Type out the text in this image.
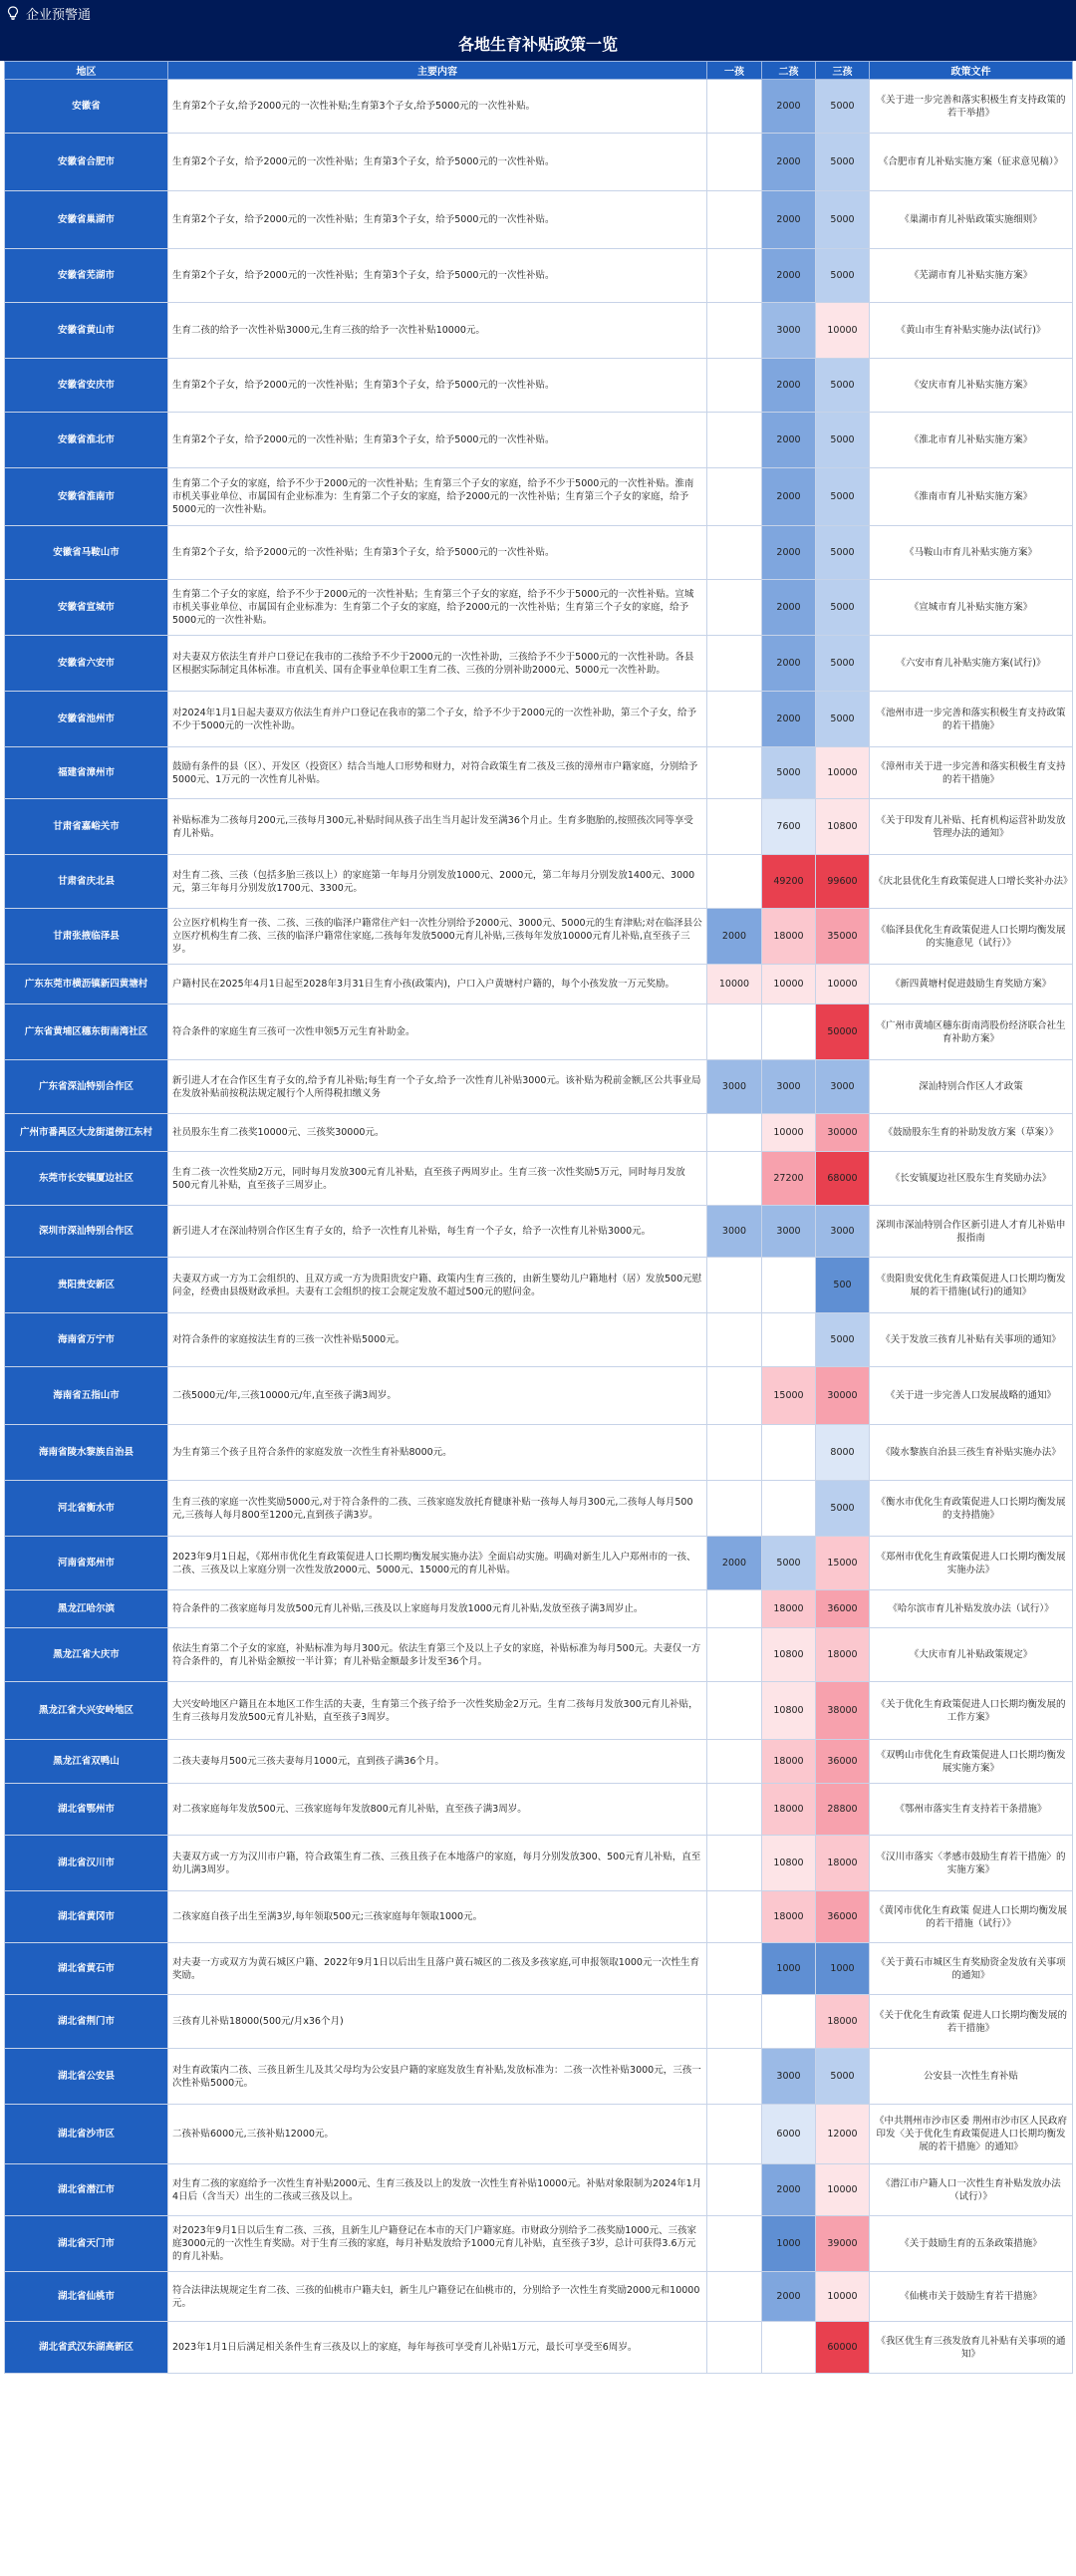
企业预警通
各地生育补贴政策一览
地区	主要内容	一孩	二孩	三孩	政策文件
安徽省	生育第2个子女,给予2000元的一次性补贴;生育第3个子女,给予5000元的一次性补贴。		2000	5000	《关于进一步完善和落实积极生育支持政策的若干举措》
安徽省合肥市	生育第2个子女，给予2000元的一次性补贴；生育第3个子女，给予5000元的一次性补贴。		2000	5000	《合肥市育儿补贴实施方案（征求意见稿）》
安徽省巢湖市	生育第2个子女，给予2000元的一次性补贴；生育第3个子女，给予5000元的一次性补贴。		2000	5000	《巢湖市育儿补贴政策实施细则》
安徽省芜湖市	生育第2个子女，给予2000元的一次性补贴；生育第3个子女，给予5000元的一次性补贴。		2000	5000	《芜湖市育儿补贴实施方案》
安徽省黄山市	生育二孩的给予一次性补贴3000元,生育三孩的给予一次性补贴10000元。		3000	10000	《黄山市生育补贴实施办法(试行)》
安徽省安庆市	生育第2个子女，给予2000元的一次性补贴；生育第3个子女，给予5000元的一次性补贴。		2000	5000	《安庆市育儿补贴实施方案》
安徽省淮北市	生育第2个子女，给予2000元的一次性补贴；生育第3个子女，给予5000元的一次性补贴。		2000	5000	《淮北市育儿补贴实施方案》
安徽省淮南市	生育第二个子女的家庭，给予不少于2000元的一次性补贴；生育第三个子女的家庭，给予不少于5000元的一次性补贴。淮南市机关事业单位、市属国有企业标准为：生育第二个子女的家庭，给予2000元的一次性补贴；生育第三个子女的家庭，给予5000元的一次性补贴。		2000	5000	《淮南市育儿补贴实施方案》
安徽省马鞍山市	生育第2个子女，给予2000元的一次性补贴；生育第3个子女，给予5000元的一次性补贴。		2000	5000	《马鞍山市育儿补贴实施方案》
安徽省宣城市	生育第二个子女的家庭，给予不少于2000元的一次性补贴；生育第三个子女的家庭，给予不少于5000元的一次性补贴。宣城市机关事业单位、市属国有企业标准为：生育第二个子女的家庭，给予2000元的一次性补贴；生育第三个子女的家庭，给予5000元的一次性补贴。		2000	5000	《宣城市育儿补贴实施方案》
安徽省六安市	对夫妻双方依法生育并户口登记在我市的二孩给予不少于2000元的一次性补助，三孩给予不少于5000元的一次性补助。各县区根据实际制定具体标准。市直机关、国有企事业单位职工生育二孩、三孩的分别补助2000元、5000元一次性补助。		2000	5000	《六安市育儿补贴实施方案(试行)》
安徽省池州市	对2024年1月1日起夫妻双方依法生育并户口登记在我市的第二个子女，给予不少于2000元的一次性补助，第三个子女，给予不少于5000元的一次性补助。		2000	5000	《池州市进一步完善和落实积极生育支持政策的若干措施》
福建省漳州市	鼓励有条件的县（区）、开发区（投资区）结合当地人口形势和财力，对符合政策生育二孩及三孩的漳州市户籍家庭，分别给予5000元、1万元的一次性育儿补贴。		5000	10000	《漳州市关于进一步完善和落实积极生育支持的若干措施》
甘肃省嘉峪关市	补贴标准为二孩每月200元,三孩每月300元,补贴时间从孩子出生当月起计发至满36个月止。生育多胞胎的,按照孩次同等享受育儿补贴。		7600	10800	《关于印发育儿补贴、托育机构运营补助发放管理办法的通知》
甘肃省庆北县	对生育二孩、三孩（包括多胎三孩以上）的家庭第一年每月分别发放1000元、2000元，第二年每月分别发放1400元、3000元，第三年每月分别发放1700元、3300元。		49200	99600	《庆北县优化生育政策促进人口增长奖补办法》
甘肃张掖临泽县	公立医疗机构生育一孩、二孩、三孩的临泽户籍常住产妇一次性分别给予2000元、3000元、5000元的生育津贴;对在临泽县公立医疗机构生育二孩、三孩的临泽户籍常住家庭,二孩每年发放5000元育儿补贴,三孩每年发放10000元育儿补贴,直至孩子三岁。	2000	18000	35000	《临泽县优化生育政策促进人口长期均衡发展的实施意见（试行）》
广东东莞市横沥镇新四黄塘村	户籍村民在2025年4月1日起至2028年3月31日生育小孩(政策内)，户口入户黄塘村户籍的，每个小孩发放一万元奖励。	10000	10000	10000	《新四黄塘村促进鼓励生育奖励方案》
广东省黄埔区穗东街南湾社区	符合条件的家庭生育三孩可一次性申领5万元生育补助金。			50000	《广州市黄埔区穗东街南湾股份经济联合社生育补助方案》
广东省深汕特别合作区	新引进人才在合作区生育子女的,给予育儿补贴;每生育一个子女,给予一次性育儿补贴3000元。该补贴为税前金额,区公共事业局在发放补贴前按税法规定履行个人所得税扣缴义务	3000	3000	3000	深汕特别合作区人才政策
广州市番禺区大龙街道傍江东村	社员股东生育二孩奖10000元、三孩奖30000元。		10000	30000	《鼓励股东生育的补助发放方案（草案）》
东莞市长安镇厦边社区	生育二孩一次性奖励2万元，同时每月发放300元育儿补贴，直至孩子两周岁止。生育三孩一次性奖励5万元，同时每月发放500元育儿补贴，直至孩子三周岁止。		27200	68000	《长安镇厦边社区股东生育奖励办法》
深圳市深汕特别合作区	新引进人才在深汕特别合作区生育子女的，给予一次性育儿补贴，每生育一个子女，给予一次性育儿补贴3000元。	3000	3000	3000	深圳市深汕特别合作区新引进人才育儿补贴申报指南
贵阳贵安新区	夫妻双方或一方为工会组织的、且双方或一方为贵阳贵安户籍、政策内生育三孩的，由新生婴幼儿户籍地村（居）发放500元慰问金，经费由县级财政承担。夫妻有工会组织的按工会规定发放不超过500元的慰问金。			500	《贵阳贵安优化生育政策促进人口长期均衡发展的若干措施(试行)的通知》
海南省万宁市	对符合条件的家庭按法生育的三孩一次性补贴5000元。			5000	《关于发放三孩育儿补贴有关事项的通知》
海南省五指山市	二孩5000元/年,三孩10000元/年,直至孩子满3周岁。		15000	30000	《关于进一步完善人口发展战略的通知》
海南省陵水黎族自治县	为生育第三个孩子且符合条件的家庭发放一次性生育补贴8000元。			8000	《陵水黎族自治县三孩生育补贴实施办法》
河北省衡水市	生育三孩的家庭一次性奖励5000元,对于符合条件的二孩、三孩家庭发放托育健康补贴一孩每人每月300元,二孩每人每月500元,三孩每人每月800至1200元,直到孩子满3岁。			5000	《衡水市优化生育政策促进人口长期均衡发展的支持措施》
河南省郑州市	2023年9月1日起，《郑州市优化生育政策促进人口长期均衡发展实施办法》全面启动实施。明确对新生儿入户郑州市的一孩、二孩、三孩及以上家庭分别一次性发放2000元、5000元、15000元的育儿补贴。	2000	5000	15000	《郑州市优化生育政策促进人口长期均衡发展实施办法》
黑龙江哈尔滨	符合条件的二孩家庭每月发放500元育儿补贴,三孩及以上家庭每月发放1000元育儿补贴,发放至孩子满3周岁止。		18000	36000	《哈尔滨市育儿补贴发放办法（试行）》
黑龙江省大庆市	依法生育第二个子女的家庭，补贴标准为每月300元。依法生育第三个及以上子女的家庭，补贴标准为每月500元。夫妻仅一方符合条件的，育儿补贴金额按一半计算；育儿补贴金额最多计发至36个月。		10800	18000	《大庆市育儿补贴政策规定》
黑龙江省大兴安岭地区	大兴安岭地区户籍且在本地区工作生活的夫妻，生育第三个孩子给予一次性奖励金2万元。生育二孩每月发放300元育儿补贴，生育三孩每月发放500元育儿补贴，直至孩子3周岁。		10800	38000	《关于优化生育政策促进人口长期均衡发展的工作方案》
黑龙江省双鸭山	二孩夫妻每月500元三孩夫妻每月1000元，直到孩子满36个月。		18000	36000	《双鸭山市优化生育政策促进人口长期均衡发展实施方案》
湖北省鄂州市	对二孩家庭每年发放500元、三孩家庭每年发放800元育儿补贴，直至孩子满3周岁。		18000	28800	《鄂州市落实生育支持若干条措施》
湖北省汉川市	夫妻双方或一方为汉川市户籍，符合政策生育二孩、三孩且孩子在本地落户的家庭，每月分别发放300、500元育儿补贴，直至幼儿满3周岁。		10800	18000	《汉川市落实〈孝感市鼓励生育若干措施〉的实施方案》
湖北省黄冈市	二孩家庭自孩子出生至满3岁,每年领取500元;三孩家庭每年领取1000元。		18000	36000	《黄冈市优化生育政策 促进人口长期均衡发展的若干措施（试行）》
湖北省黄石市	对夫妻一方或双方为黄石城区户籍、2022年9月1日以后出生且落户黄石城区的二孩及多孩家庭,可申报领取1000元一次性生育奖励。		1000	1000	《关于黄石市城区生育奖励资金发放有关事项的通知》
湖北省荆门市	三孩育儿补贴18000(500元/月x36个月)			18000	《关于优化生育政策 促进人口长期均衡发展的若干措施》
湖北省公安县	对生育政策内二孩、三孩且新生儿及其父母均为公安县户籍的家庭发放生育补贴,发放标准为：二孩一次性补贴3000元，三孩一次性补贴5000元。		3000	5000	公安县一次性生育补贴
湖北省沙市区	二孩补贴6000元,三孩补贴12000元。		6000	12000	《中共荆州市沙市区委 荆州市沙市区人民政府印发〈关于优化生育政策促进人口长期均衡发展的若干措施〉的通知》
湖北省潜江市	对生育二孩的家庭给予一次性生育补贴2000元、生育三孩及以上的发放一次性生育补贴10000元。补贴对象限制为2024年1月4日后（含当天）出生的二孩或三孩及以上。		2000	10000	《潜江市户籍人口一次性生育补贴发放办法（试行）》
湖北省天门市	对2023年9月1日以后生育二孩、三孩，且新生儿户籍登记在本市的天门户籍家庭。市财政分别给予二孩奖励1000元、三孩家庭3000元的一次性生育奖励。对于生育三孩的家庭，每月补贴发放给予1000元育儿补贴，直至孩子3岁，总计可获得3.6万元的育儿补贴。		1000	39000	《关于鼓励生育的五条政策措施》
湖北省仙桃市	符合法律法规规定生育二孩、三孩的仙桃市户籍夫妇，新生儿户籍登记在仙桃市的，分别给予一次性生育奖励2000元和10000元。		2000	10000	《仙桃市关于鼓励生育若干措施》
湖北省武汉东湖高新区	2023年1月1日后满足相关条件生育三孩及以上的家庭，每年每孩可享受育儿补贴1万元，最长可享受至6周岁。			60000	《我区优生育三孩发放育儿补贴有关事项的通知》
